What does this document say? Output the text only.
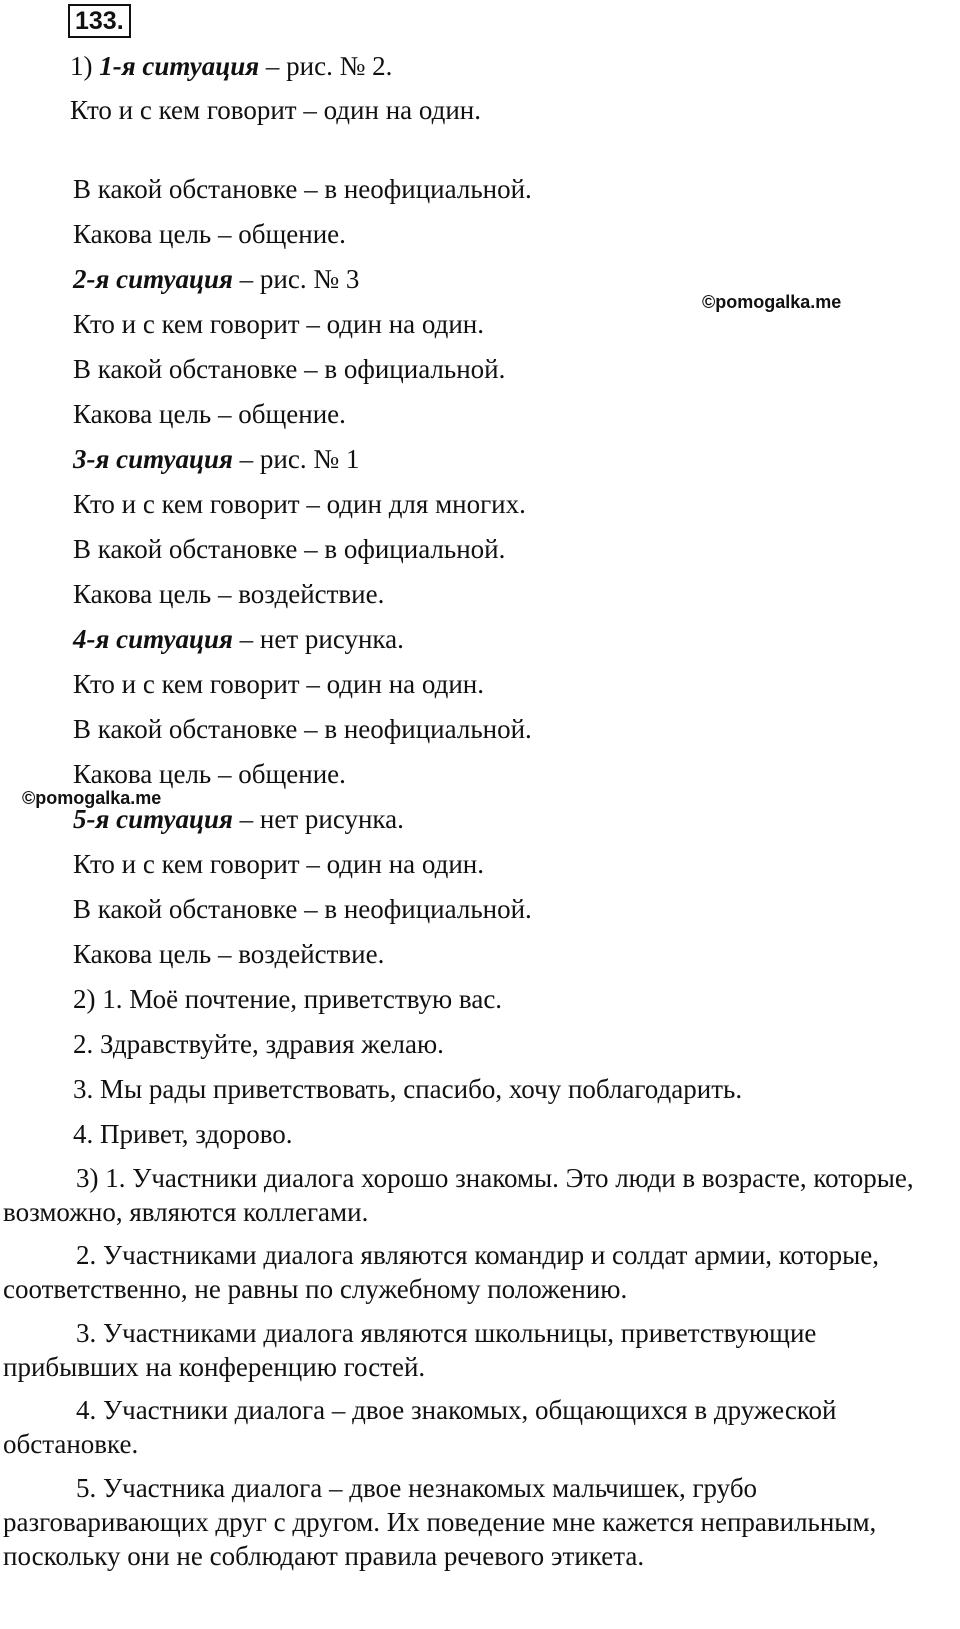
133.
1) 1-я ситуация – рис. № 2.
Кто и с кем говорит – один на один.
В какой обстановке – в неофициальной.
Какова цель – общение.
2-я ситуация – рис. № 3
©pomogalka.me
Кто и с кем говорит – один на один.
В какой обстановке – в официальной.
Какова цель – общение.
3-я ситуация – рис. № 1
Кто и с кем говорит – один для многих.
В какой обстановке – в официальной.
Какова цель – воздействие.
4-я ситуация – нет рисунка.
Кто и с кем говорит – один на один.
В какой обстановке – в неофициальной.
Какова цель – общение.
©pomogalka.me
5-я ситуация – нет рисунка.
Кто и с кем говорит – один на один.
В какой обстановке – в неофициальной.
Какова цель – воздействие.
2) 1. Моё почтение, приветствую вас.
2. Здравствуйте, здравия желаю.
3. Мы рады приветствовать, спасибо, хочу поблагодарить.
4. Привет, здорово.
3) 1. Участники диалога хорошо знакомы. Это люди в возрасте, которые, возможно, являются коллегами.
2. Участниками диалога являются командир и солдат армии, которые, соответственно, не равны по служебному положению.
3. Участниками диалога являются школьницы, приветствующие прибывших на конференцию гостей.
4. Участники диалога – двое знакомых, общающихся в дружеской обстановке.
5. Участника диалога – двое незнакомых мальчишек, грубо разговаривающих друг с другом. Их поведение мне кажется неправильным, поскольку они не соблюдают правила речевого этикета.
